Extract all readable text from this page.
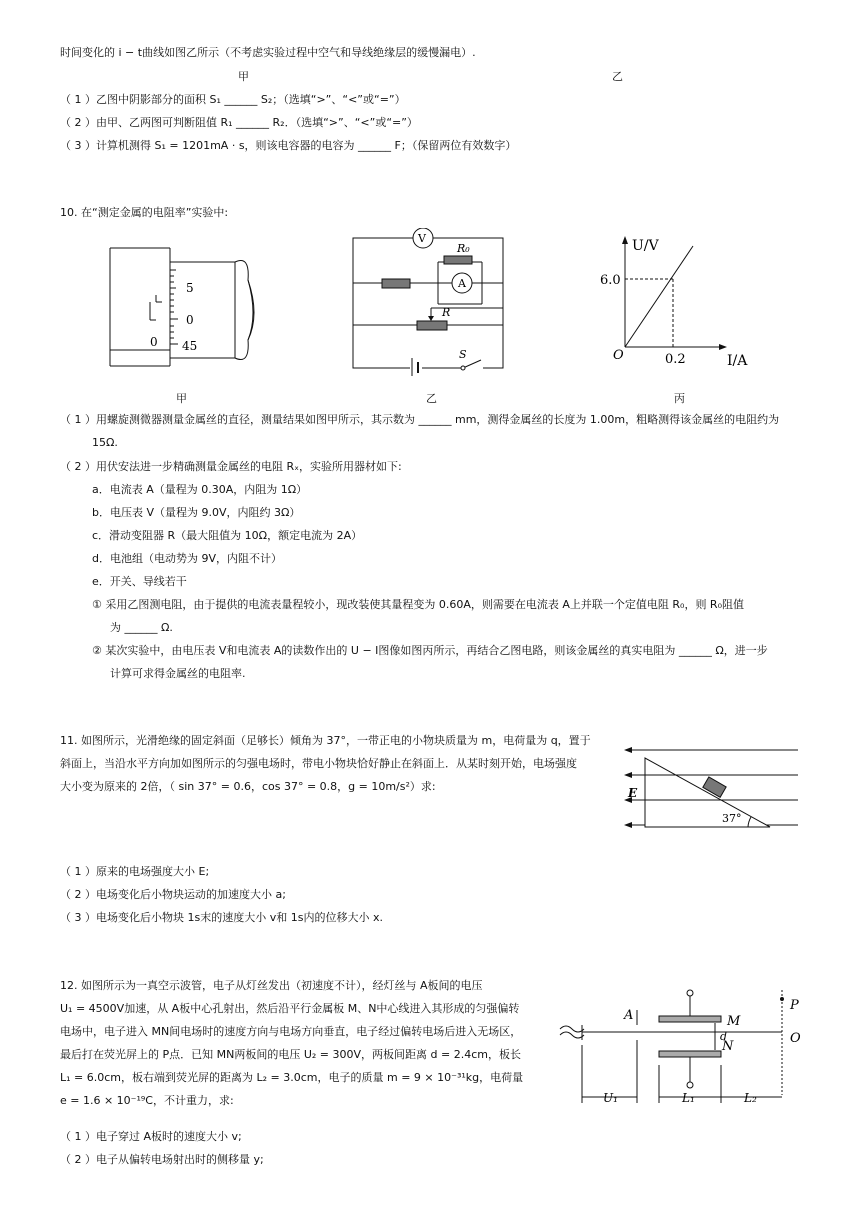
时间变化的 i − t曲线如图乙所示（不考虑实验过程中空气和导线绝缘层的缓慢漏电）.
甲	乙
（ 1 ）乙图中阴影部分的面积 S₁ ______ S₂；（选填“>”、“<”或“=”）
（ 2 ）由甲、乙两图可判断阻值 R₁ ______ R₂．（选填“>”、“<”或“=”）
（ 3 ）计算机测得 S₁ = 1201mA · s，则该电容器的电容为 ______ F；（保留两位有效数字）
10. 在“测定金属的电阻率”实验中:
5
0
45
0
甲
V
R₀
A
R
S
乙
U/V
6.0
O	0.2	I/A
丙
（ 1 ）用螺旋测微器测量金属丝的直径，测量结果如图甲所示，其示数为 ______ mm，测得金属丝的长度为 1.00m，粗略测得该金属丝的电阻约为
15Ω.
（ 2 ）用伏安法进一步精确测量金属丝的电阻 Rₓ，实验所用器材如下:
a．电流表 A（量程为 0.30A，内阻为 1Ω）
b．电压表 V（量程为 9.0V，内阻约 3Ω）
c．滑动变阻器 R（最大阻值为 10Ω，额定电流为 2A）
d．电池组（电动势为 9V，内阻不计）
e．开关、导线若干
① 采用乙图测电阻，由于提供的电流表量程较小，现改装使其量程变为 0.60A，则需要在电流表 A上并联一个定值电阻 R₀，则 R₀阻值
为 ______ Ω.
② 某次实验中，由电压表 V和电流表 A的读数作出的 U − I图像如图丙所示，再结合乙图电路，则该金属丝的真实电阻为 ______ Ω，进一步
计算可求得金属丝的电阻率.
11. 如图所示，光滑绝缘的固定斜面（足够长）倾角为 37°，一带正电的小物块质量为 m，电荷量为 q，置于
斜面上，当沿水平方向加如图所示的匀强电场时，带电小物块恰好静止在斜面上．从某时刻开始，电场强度
大小变为原来的 2倍，（ sin 37° = 0.6，cos 37° = 0.8，g = 10m/s²）求:	E
37°
（ 1 ）原来的电场强度大小 E;
（ 2 ）电场变化后小物块运动的加速度大小 a;
（ 3 ）电场变化后小物块 1s末的速度大小 v和 1s内的位移大小 x.
12. 如图所示为一真空示波管，电子从灯丝发出（初速度不计），经灯丝与 A板间的电压
U₁ = 4500V加速，从 A板中心孔射出，然后沿平行金属板 M、N中心线进入其形成的匀强偏转
电场中，电子进入 MN间电场时的速度方向与电场方向垂直，电子经过偏转电场后进入无场区，
最后打在荧光屏上的 P点．已知 MN两板间的电压 U₂ = 300V，两板间距离 d = 2.4cm，板长
L₁ = 6.0cm，板右端到荧光屏的距离为 L₂ = 3.0cm，电子的质量 m = 9 × 10⁻³¹kg，电荷量
e = 1.6 × 10⁻¹⁹C，不计重力，求:
A	M
N
d
P
O
U₁	L₁	L₂
（ 1 ）电子穿过 A板时的速度大小 v;
（ 2 ）电子从偏转电场射出时的侧移量 y;
